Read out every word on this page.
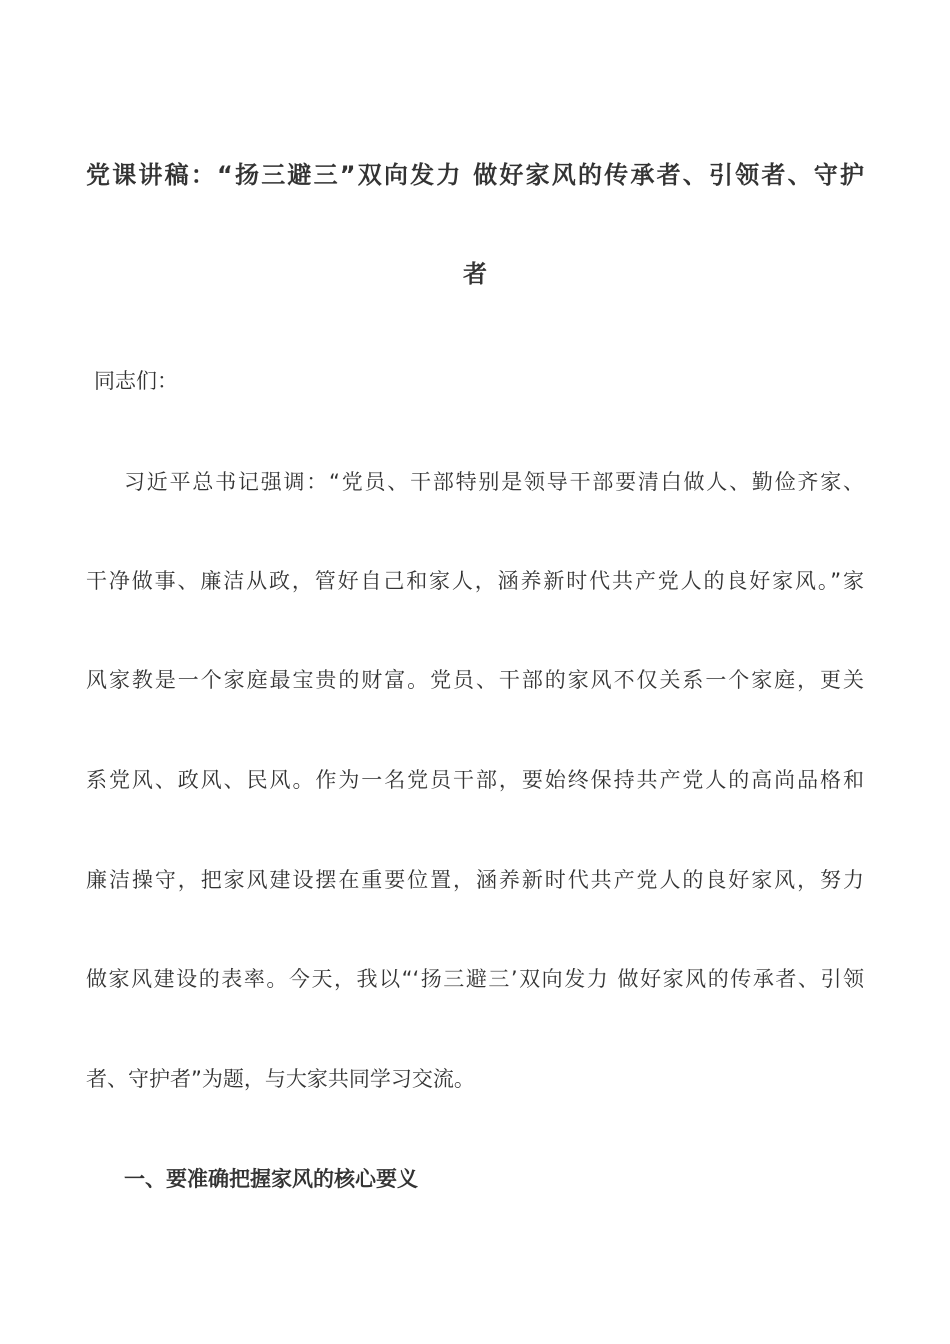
党课讲稿：“扬三避三”双向发力 做好家风的传承者、引领者、守护
者
同志们：
习近平总书记强调：“党员、干部特别是领导干部要清白做人、勤俭齐家、
干净做事、廉洁从政，管好自己和家人，涵养新时代共产党人的良好家风。”家
风家教是一个家庭最宝贵的财富。党员、干部的家风不仅关系一个家庭，更关
系党风、政风、民风。作为一名党员干部，要始终保持共产党人的高尚品格和
廉洁操守，把家风建设摆在重要位置，涵养新时代共产党人的良好家风，努力
做家风建设的表率。今天，我以“‘扬三避三’双向发力 做好家风的传承者、引领
者、守护者”为题，与大家共同学习交流。
一、要准确把握家风的核心要义
